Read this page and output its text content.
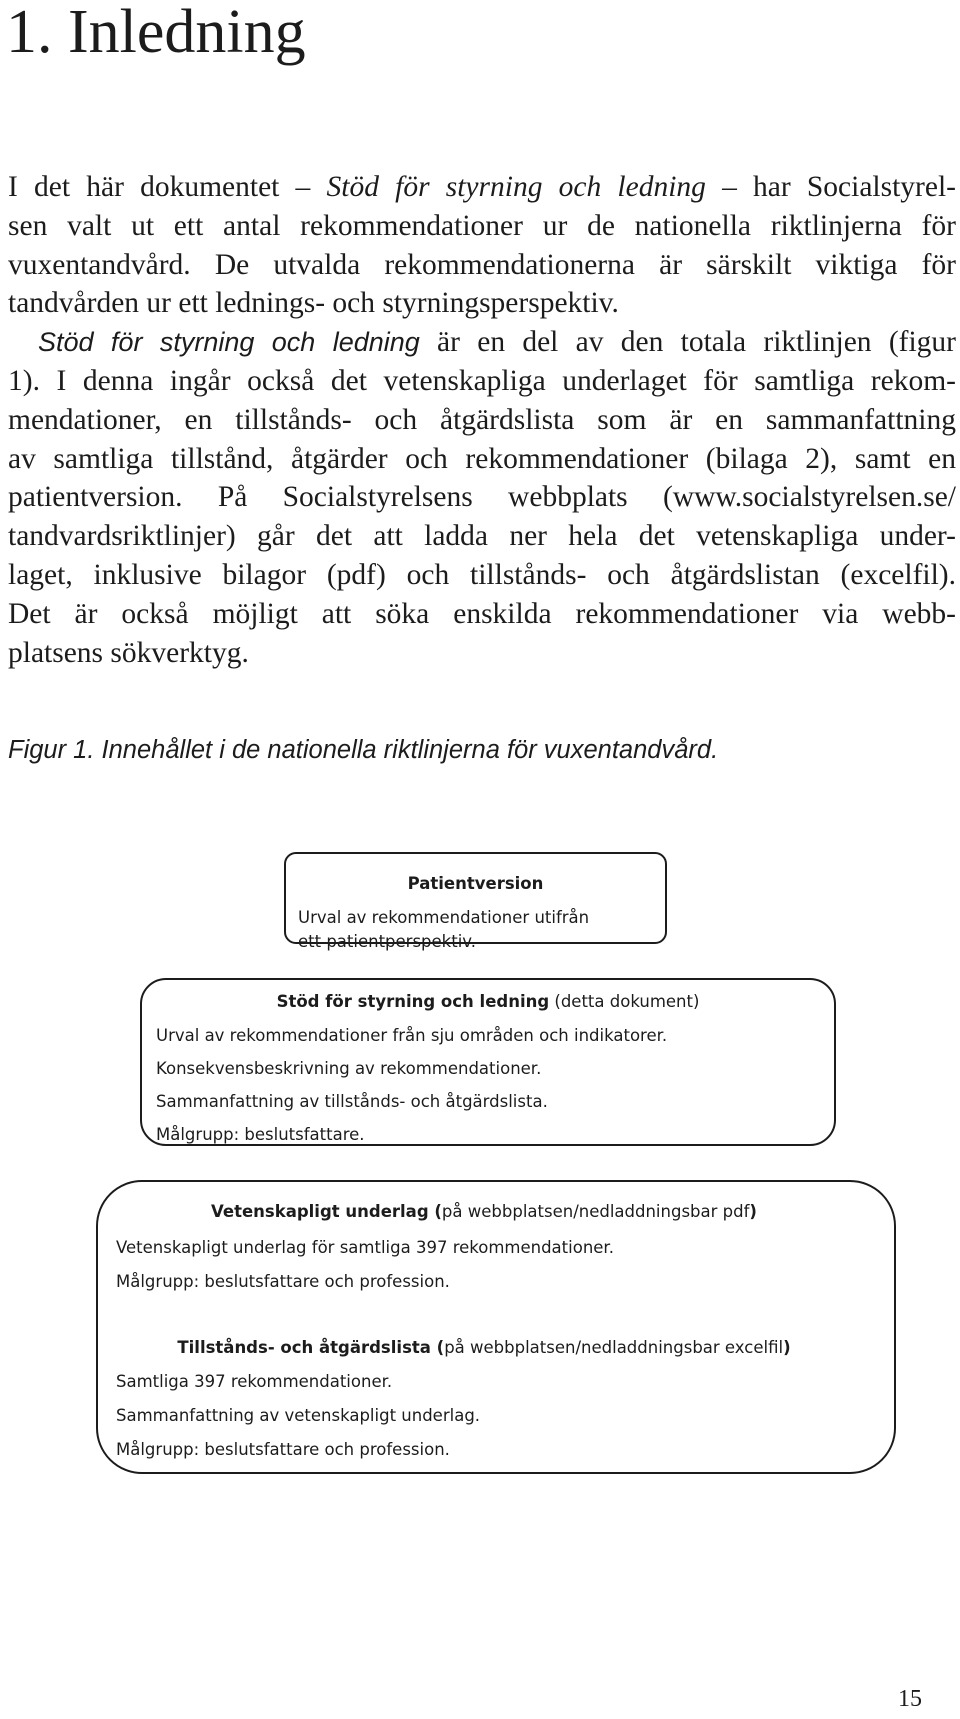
1. Inledning
I det här dokumentet – Stöd för styrning och ledning – har Socialstyrel-
sen valt ut ett antal rekommendationer ur de nationella riktlinjerna för
vuxentandvård. De utvalda rekommendationerna är särskilt viktiga för
tandvården ur ett lednings- och styrningsperspektiv.
Stöd för styrning och ledning är en del av den totala riktlinjen (figur
1). I denna ingår också det vetenskapliga underlaget för samtliga rekom-
mendationer, en tillstånds- och åtgärdslista som är en sammanfattning
av samtliga tillstånd, åtgärder och rekommendationer (bilaga 2), samt en
patientversion. På Socialstyrelsens webbplats (www.socialstyrelsen.se/
tandvardsriktlinjer) går det att ladda ner hela det vetenskapliga under-
laget, inklusive bilagor (pdf) och tillstånds- och åtgärdslistan (excelfil).
Det är också möjligt att söka enskilda rekommendationer via webb-
platsens sökverktyg.
Figur 1. Innehållet i de nationella riktlinjerna för vuxentandvård.
Patientversion
Urval av rekommendationer utifrån
ett patientperspektiv.
Stöd för styrning och ledning (detta dokument)
Urval av rekommendationer från sju områden och indikatorer.
Konsekvensbeskrivning av rekommendationer.
Sammanfattning av tillstånds- och åtgärdslista.
Målgrupp: beslutsfattare.
Vetenskapligt underlag (på webbplatsen/nedladdningsbar pdf)
Vetenskapligt underlag för samtliga 397 rekommendationer.
Målgrupp: beslutsfattare och profession.
Tillstånds- och åtgärdslista (på webbplatsen/nedladdningsbar excelfil)
Samtliga 397 rekommendationer.
Sammanfattning av vetenskapligt underlag.
Målgrupp: beslutsfattare och profession.
15
